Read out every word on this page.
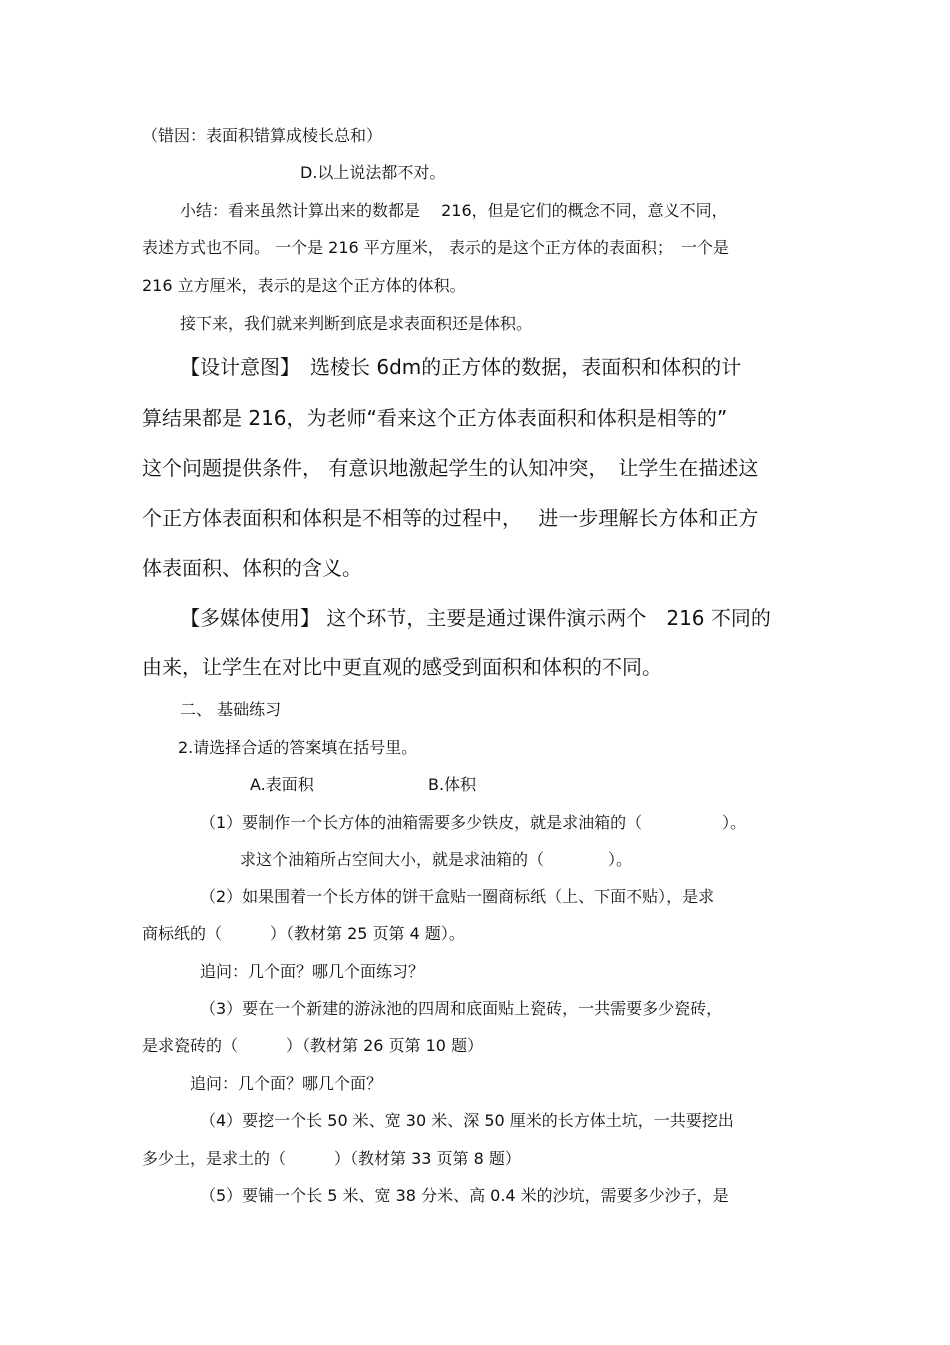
（错因：表面积错算成棱长总和）
D.以上说法都不对。
小结：看来虽然计算出来的数都是　 216，但是它们的概念不同，意义不同，
表述方式也不同。 一个是 216 平方厘米， 表示的是这个正方体的表面积；　一个是
216 立方厘米，表示的是这个正方体的体积。
接下来，我们就来判断到底是求表面积还是体积。
【设计意图】　选棱长 6dm的正方体的数据，表面积和体积的计
算结果都是 216，为老师“看来这个正方体表面积和体积是相等的”
这个问题提供条件， 有意识地激起学生的认知冲突，　让学生在描述这
个正方体表面积和体积是不相等的过程中，　 进一步理解长方体和正方
体表面积、体积的含义。
【多媒体使用】 这个环节，主要是通过课件演示两个　216 不同的
由来，让学生在对比中更直观的感受到面积和体积的不同。
二、 基础练习
2.请选择合适的答案填在括号里。
A.表面积	B.体积
（1）要制作一个长方体的油箱需要多少铁皮，就是求油箱的（　　　　　）。
求这个油箱所占空间大小，就是求油箱的（　　　　）。
（2）如果围着一个长方体的饼干盒贴一圈商标纸（上、下面不贴），是求
商标纸的（　　　）（教材第 25 页第 4 题）。
追问：几个面？哪几个面练习？
（3）要在一个新建的游泳池的四周和底面贴上瓷砖，一共需要多少瓷砖，
是求瓷砖的（　　　）（教材第 26 页第 10 题）
追问：几个面？哪几个面？
（4）要挖一个长 50 米、宽 30 米、深 50 厘米的长方体土坑，一共要挖出
多少土，是求土的（　　　）（教材第 33 页第 8 题）
（5）要铺一个长 5 米、宽 38 分米、高 0.4 米的沙坑，需要多少沙子，是
